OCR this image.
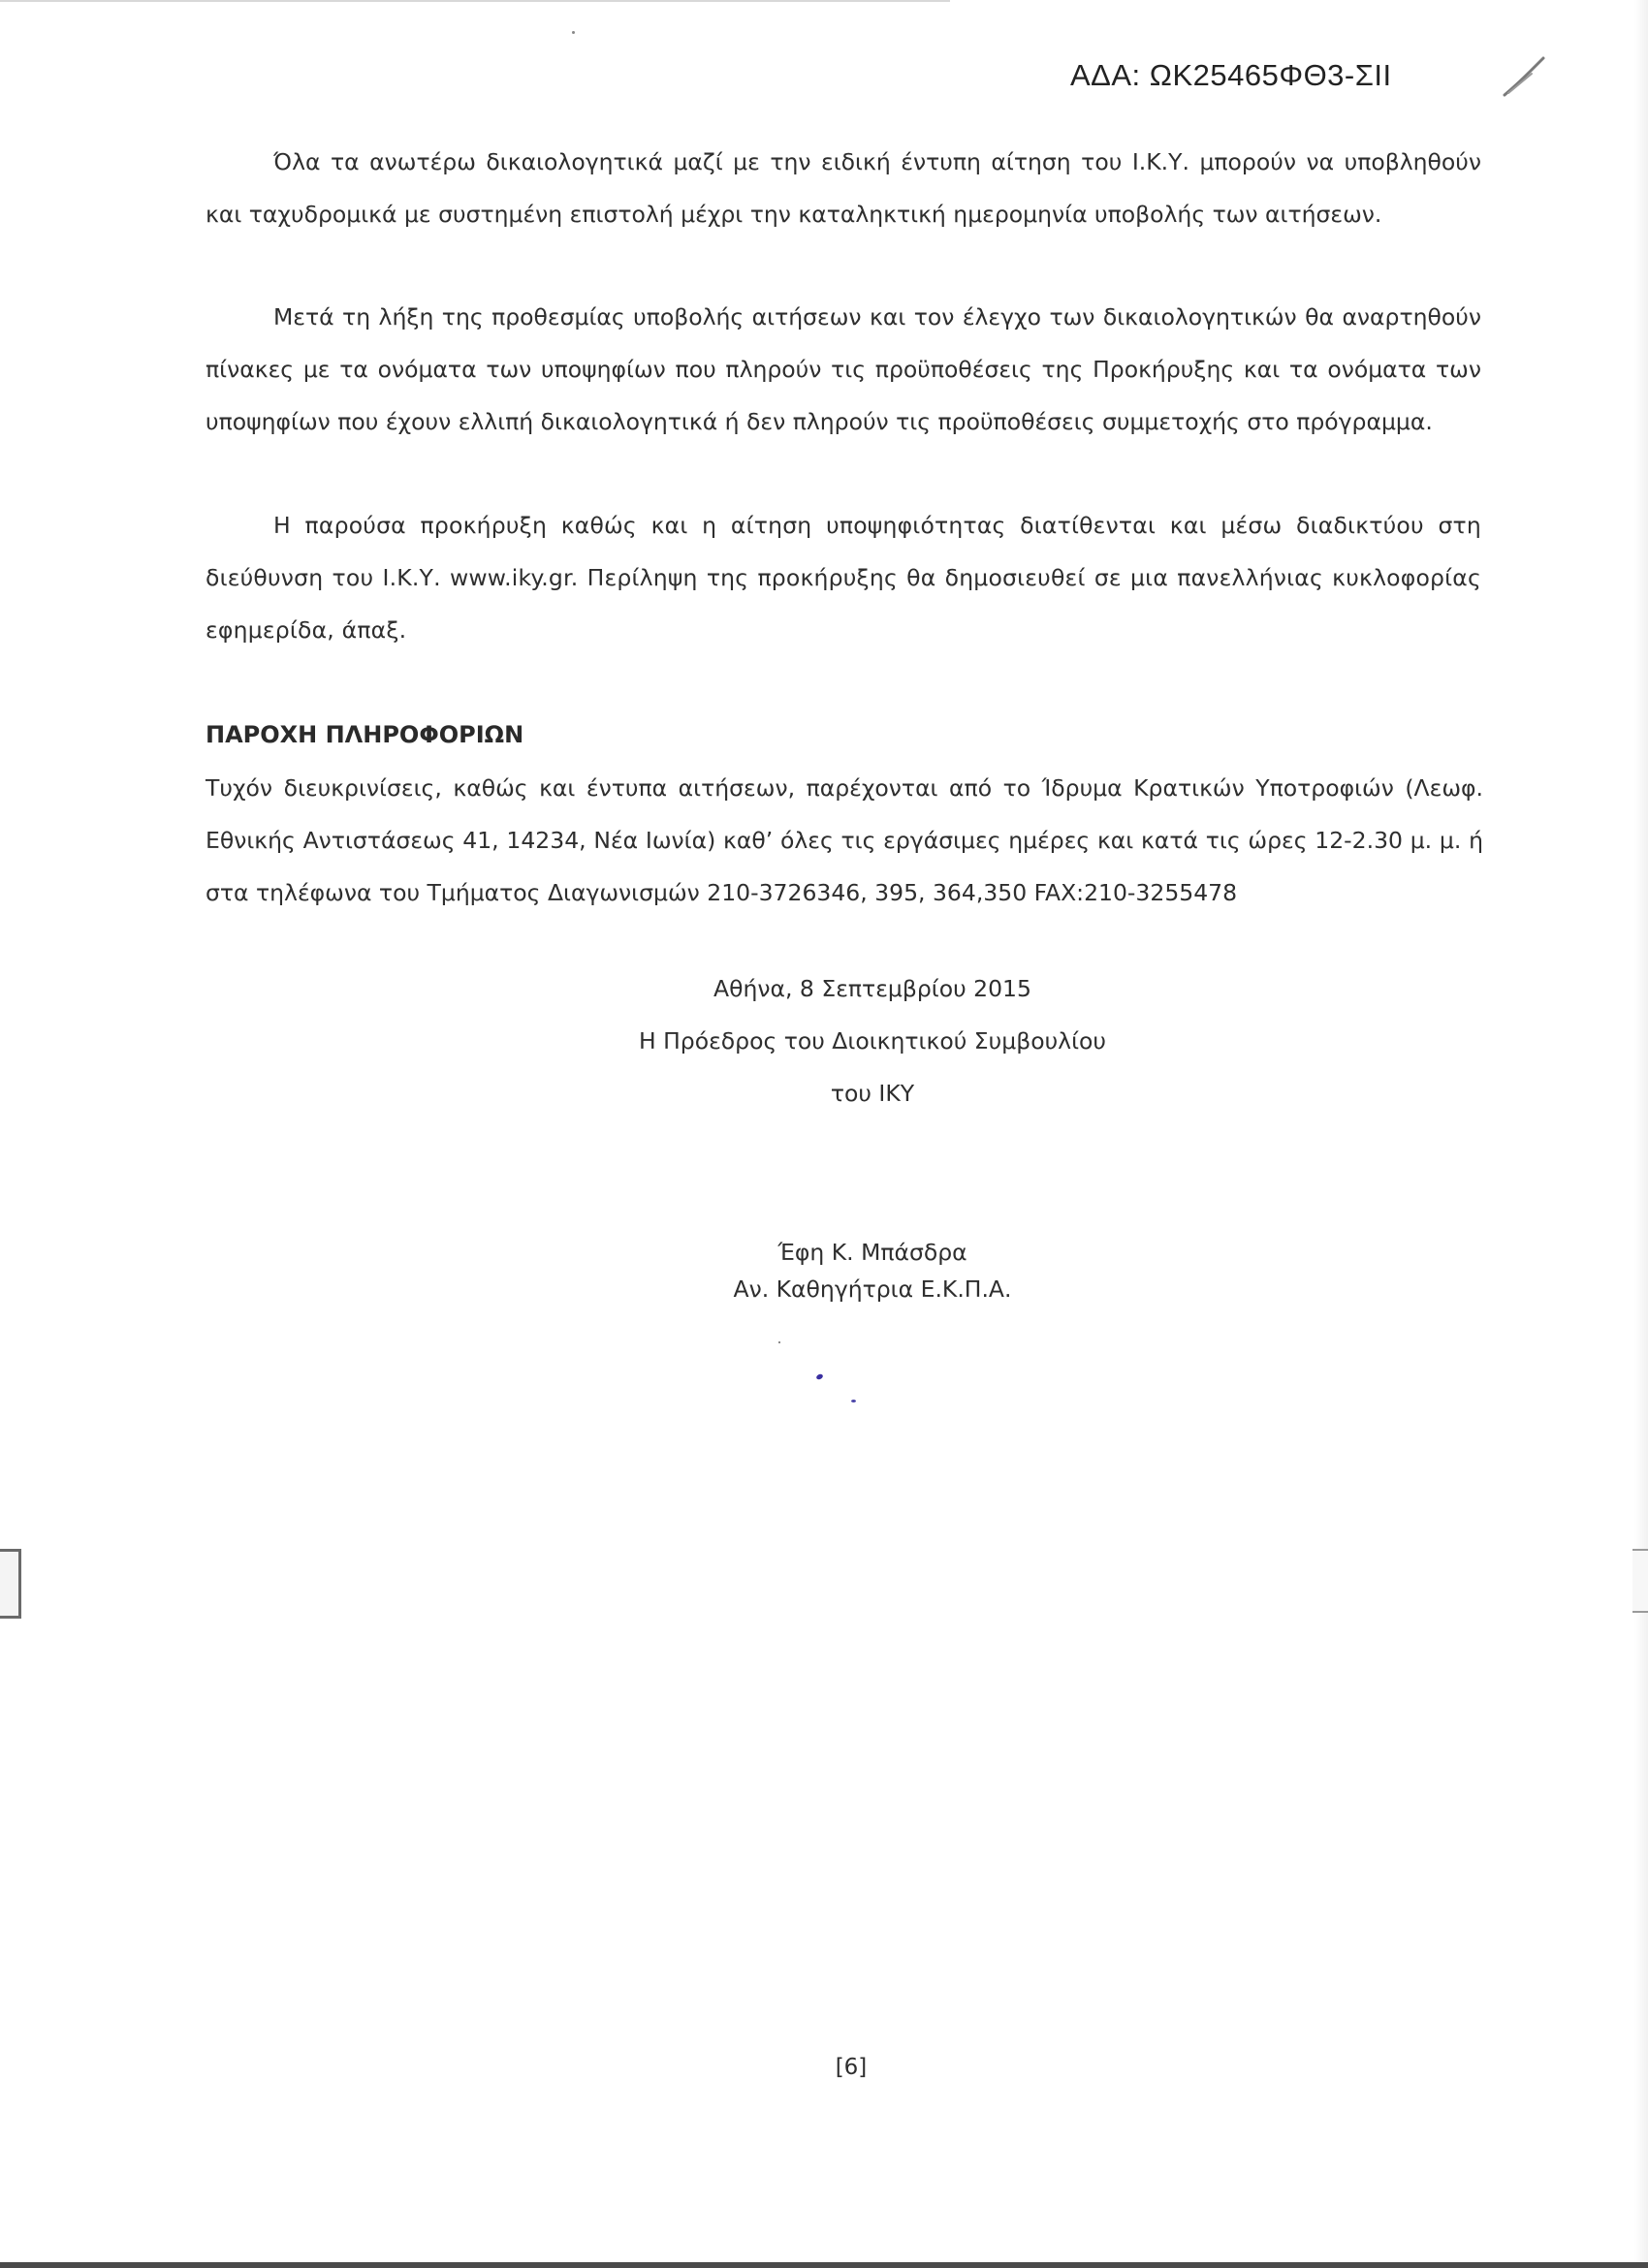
ΑΔΑ: ΩΚ25465ΦΘ3-ΣΙΙ
Όλα τα ανωτέρω δικαιολογητικά μαζί με την ειδική έντυπη αίτηση του Ι.Κ.Υ. μπορούν να υποβληθούν και ταχυδρομικά με συστημένη επιστολή μέχρι την καταληκτική ημερομηνία υποβολής των αιτήσεων.
Μετά τη λήξη της προθεσμίας υποβολής αιτήσεων και τον έλεγχο των δικαιολογητικών θα αναρτηθούν πίνακες με τα ονόματα των υποψηφίων που πληρούν τις προϋποθέσεις της Προκήρυξης και τα ονόματα των υποψηφίων που έχουν ελλιπή δικαιολογητικά ή δεν πληρούν τις προϋποθέσεις συμμετοχής στο πρόγραμμα.
Η παρούσα προκήρυξη καθώς και η αίτηση υποψηφιότητας διατίθενται και μέσω διαδικτύου στη διεύθυνση του Ι.Κ.Υ. www.iky.gr. Περίληψη της προκήρυξης θα δημοσιευθεί σε μια πανελλήνιας κυκλοφορίας εφημερίδα, άπαξ.
ΠΑΡΟΧΗ ΠΛΗΡΟΦΟΡΙΩΝ
Τυχόν διευκρινίσεις, καθώς και έντυπα αιτήσεων, παρέχονται από το Ίδρυμα Κρατικών Υποτροφιών (Λεωφ. Εθνικής Αντιστάσεως 41, 14234, Νέα Ιωνία) καθ’ όλες τις εργάσιμες ημέρες και κατά τις ώρες 12-2.30 μ. μ. ή στα τηλέφωνα του Τμήματος Διαγωνισμών 210-3726346, 395, 364,350 FAX:210-3255478
Αθήνα, 8 Σεπτεμβρίου 2015
Η Πρόεδρος του Διοικητικού Συμβουλίου
του ΙΚΥ
Έφη Κ. Μπάσδρα
Αν. Καθηγήτρια Ε.Κ.Π.Α.
[6]
